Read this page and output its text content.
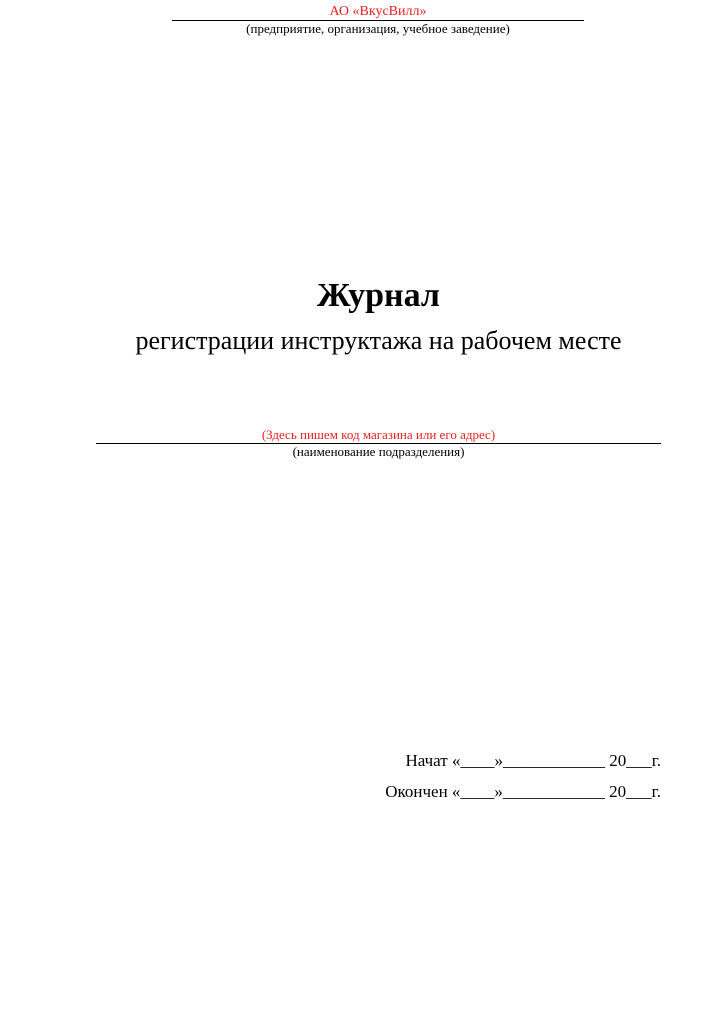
АО «ВкусВилл»
(предприятие, организация, учебное заведение)
Журнал
регистрации инструктажа на рабочем месте
(Здесь пишем код магазина или его адрес)
(наименование подразделения)
Начат «____»____________ 20___г.
Окончен «____»____________ 20___г.
